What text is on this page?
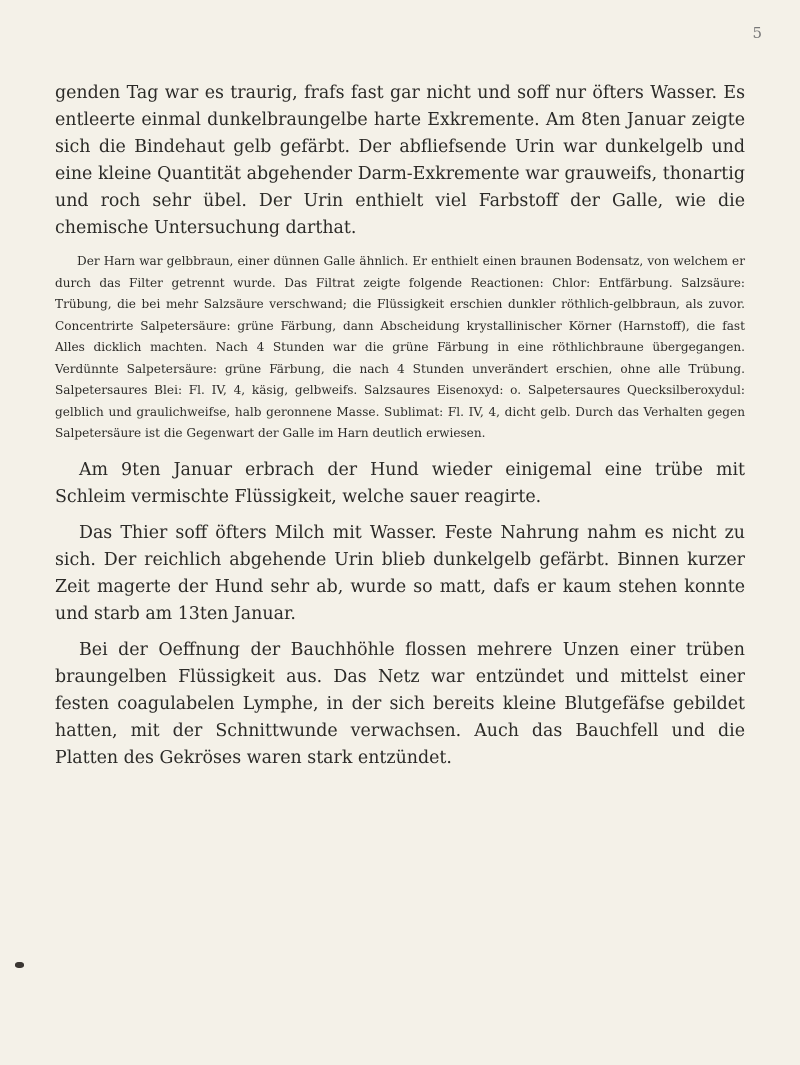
5

genden Tag war es traurig, frafs fast gar nicht und soff nur öfters Wasser. Es entleerte einmal dunkelbraungelbe harte Exkremente. Am 8ten Januar zeigte sich die Bindehaut gelb gefärbt. Der abfliefsende Urin war dunkelgelb und eine kleine Quantität abgehender Darm-Exkremente war grauweifs, thonartig und roch sehr übel. Der Urin enthielt viel Farbstoff der Galle, wie die chemische Untersuchung darthat.

Der Harn war gelbbraun, einer dünnen Galle ähnlich. Er enthielt einen braunen Bodensatz, von welchem er durch das Filter getrennt wurde. Das Filtrat zeigte folgende Reactionen: Chlor: Entfärbung. Salzsäure: Trübung, die bei mehr Salzsäure verschwand; die Flüssigkeit erschien dunkler röthlich-gelbbraun, als zuvor. Concentrirte Salpetersäure: grüne Färbung, dann Abscheidung krystallinischer Körner (Harnstoff), die fast Alles dicklich machten. Nach 4 Stunden war die grüne Färbung in eine röthlichbraune übergegangen. Verdünnte Salpetersäure: grüne Färbung, die nach 4 Stunden unverändert erschien, ohne alle Trübung. Salpetersaures Blei: Fl. IV, 4, käsig, gelbweifs. Salzsaures Eisenoxyd: o. Salpetersaures Quecksilberoxydul: gelblich und graulichweifse, halb geronnene Masse. Sublimat: Fl. IV, 4, dicht gelb. Durch das Verhalten gegen Salpetersäure ist die Gegenwart der Galle im Harn deutlich erwiesen.

Am 9ten Januar erbrach der Hund wieder einigemal eine trübe mit Schleim vermischte Flüssigkeit, welche sauer reagirte.

Das Thier soff öfters Milch mit Wasser. Feste Nahrung nahm es nicht zu sich. Der reichlich abgehende Urin blieb dunkelgelb gefärbt. Binnen kurzer Zeit magerte der Hund sehr ab, wurde so matt, dafs er kaum stehen konnte und starb am 13ten Januar.

Bei der Oeffnung der Bauchhöhle flossen mehrere Unzen einer trüben braungelben Flüssigkeit aus. Das Netz war entzündet und mittelst einer festen coagulabelen Lymphe, in der sich bereits kleine Blutgefäfse gebildet hatten, mit der Schnittwunde verwachsen. Auch das Bauchfell und die Platten des Gekröses waren stark entzündet.
